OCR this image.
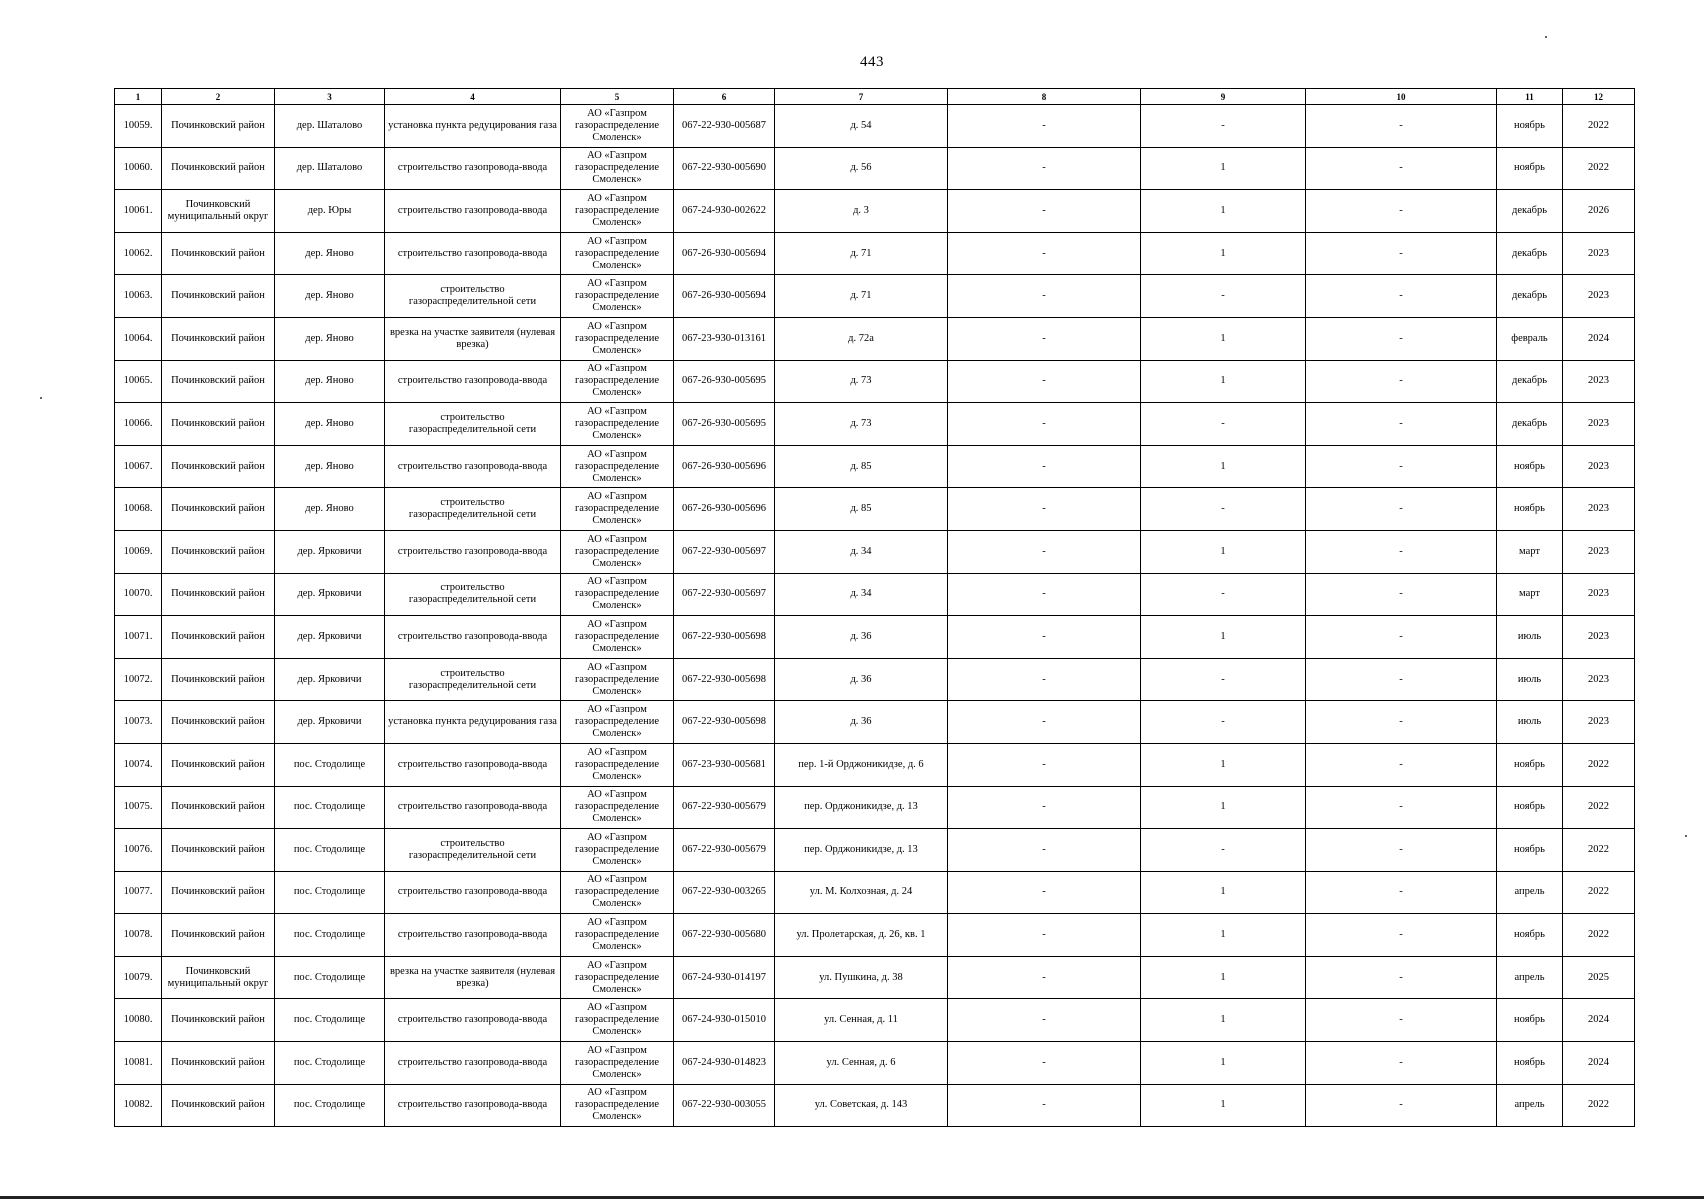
443
1	2	3	4	5	6	7	8	9	10	11	12
10059.	Починковский район	дер. Шаталово	установка пункта редуцирования газа	АО «Газпром газораспределение Смоленск»	067-22-930-005687	д. 54	-	-	-	ноябрь	2022
10060.	Починковский район	дер. Шаталово	строительство газопровода-ввода	АО «Газпром газораспределение Смоленск»	067-22-930-005690	д. 56	-	1	-	ноябрь	2022
10061.	Починковский муниципальный округ	дер. Юры	строительство газопровода-ввода	АО «Газпром газораспределение Смоленск»	067-24-930-002622	д. 3	-	1	-	декабрь	2026
10062.	Починковский район	дер. Яново	строительство газопровода-ввода	АО «Газпром газораспределение Смоленск»	067-26-930-005694	д. 71	-	1	-	декабрь	2023
10063.	Починковский район	дер. Яново	строительство газораспределительной сети	АО «Газпром газораспределение Смоленск»	067-26-930-005694	д. 71	-	-	-	декабрь	2023
10064.	Починковский район	дер. Яново	врезка на участке заявителя (нулевая врезка)	АО «Газпром газораспределение Смоленск»	067-23-930-013161	д. 72а	-	1	-	февраль	2024
10065.	Починковский район	дер. Яново	строительство газопровода-ввода	АО «Газпром газораспределение Смоленск»	067-26-930-005695	д. 73	-	1	-	декабрь	2023
10066.	Починковский район	дер. Яново	строительство газораспределительной сети	АО «Газпром газораспределение Смоленск»	067-26-930-005695	д. 73	-	-	-	декабрь	2023
10067.	Починковский район	дер. Яново	строительство газопровода-ввода	АО «Газпром газораспределение Смоленск»	067-26-930-005696	д. 85	-	1	-	ноябрь	2023
10068.	Починковский район	дер. Яново	строительство газораспределительной сети	АО «Газпром газораспределение Смоленск»	067-26-930-005696	д. 85	-	-	-	ноябрь	2023
10069.	Починковский район	дер. Ярковичи	строительство газопровода-ввода	АО «Газпром газораспределение Смоленск»	067-22-930-005697	д. 34	-	1	-	март	2023
10070.	Починковский район	дер. Ярковичи	строительство газораспределительной сети	АО «Газпром газораспределение Смоленск»	067-22-930-005697	д. 34	-	-	-	март	2023
10071.	Починковский район	дер. Ярковичи	строительство газопровода-ввода	АО «Газпром газораспределение Смоленск»	067-22-930-005698	д. 36	-	1	-	июль	2023
10072.	Починковский район	дер. Ярковичи	строительство газораспределительной сети	АО «Газпром газораспределение Смоленск»	067-22-930-005698	д. 36	-	-	-	июль	2023
10073.	Починковский район	дер. Ярковичи	установка пункта редуцирования газа	АО «Газпром газораспределение Смоленск»	067-22-930-005698	д. 36	-	-	-	июль	2023
10074.	Починковский район	пос. Стодолище	строительство газопровода-ввода	АО «Газпром газораспределение Смоленск»	067-23-930-005681	пер. 1-й Орджоникидзе, д. 6	-	1	-	ноябрь	2022
10075.	Починковский район	пос. Стодолище	строительство газопровода-ввода	АО «Газпром газораспределение Смоленск»	067-22-930-005679	пер. Орджоникидзе, д. 13	-	1	-	ноябрь	2022
10076.	Починковский район	пос. Стодолище	строительство газораспределительной сети	АО «Газпром газораспределение Смоленск»	067-22-930-005679	пер. Орджоникидзе, д. 13	-	-	-	ноябрь	2022
10077.	Починковский район	пос. Стодолище	строительство газопровода-ввода	АО «Газпром газораспределение Смоленск»	067-22-930-003265	ул. М. Колхозная, д. 24	-	1	-	апрель	2022
10078.	Починковский район	пос. Стодолище	строительство газопровода-ввода	АО «Газпром газораспределение Смоленск»	067-22-930-005680	ул. Пролетарская, д. 26, кв. 1	-	1	-	ноябрь	2022
10079.	Починковский муниципальный округ	пос. Стодолище	врезка на участке заявителя (нулевая врезка)	АО «Газпром газораспределение Смоленск»	067-24-930-014197	ул. Пушкина, д. 38	-	1	-	апрель	2025
10080.	Починковский район	пос. Стодолище	строительство газопровода-ввода	АО «Газпром газораспределение Смоленск»	067-24-930-015010	ул. Сенная, д. 11	-	1	-	ноябрь	2024
10081.	Починковский район	пос. Стодолище	строительство газопровода-ввода	АО «Газпром газораспределение Смоленск»	067-24-930-014823	ул. Сенная, д. 6	-	1	-	ноябрь	2024
10082.	Починковский район	пос. Стодолище	строительство газопровода-ввода	АО «Газпром газораспределение Смоленск»	067-22-930-003055	ул. Советская, д. 143	-	1	-	апрель	2022
